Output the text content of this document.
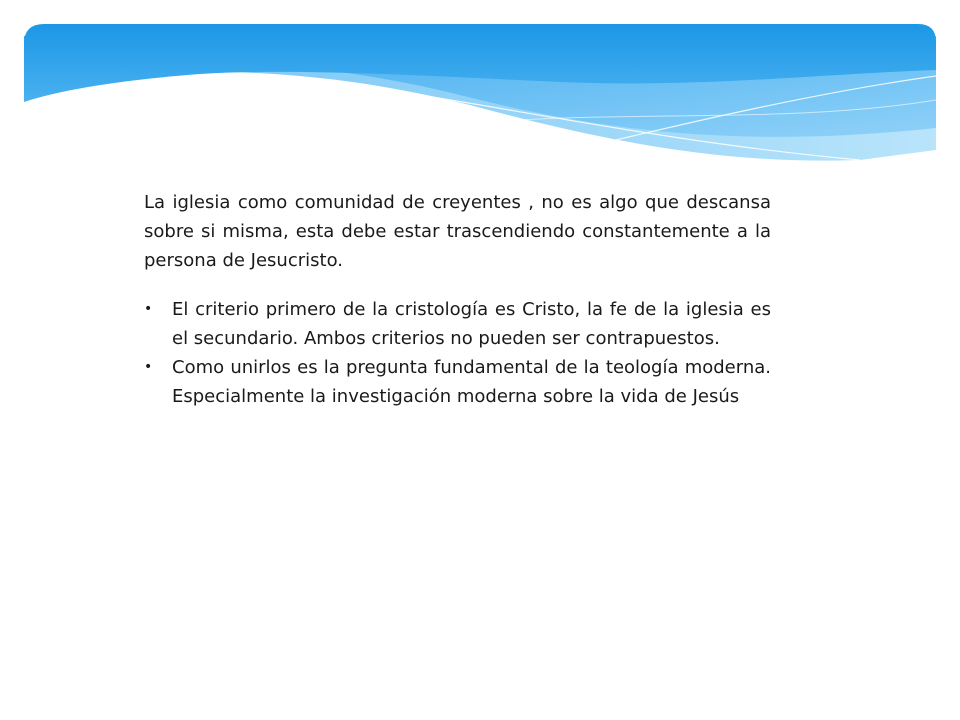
La iglesia como comunidad de creyentes , no es algo que descansa sobre si misma, esta debe estar trascendiendo constantemente a la persona de Jesucristo.

• El criterio primero de la cristología es Cristo, la fe de la iglesia es el secundario. Ambos criterios no pueden ser contrapuestos.
• Como unirlos es la pregunta fundamental de la teología moderna. Especialmente la investigación moderna sobre la vida de Jesús
